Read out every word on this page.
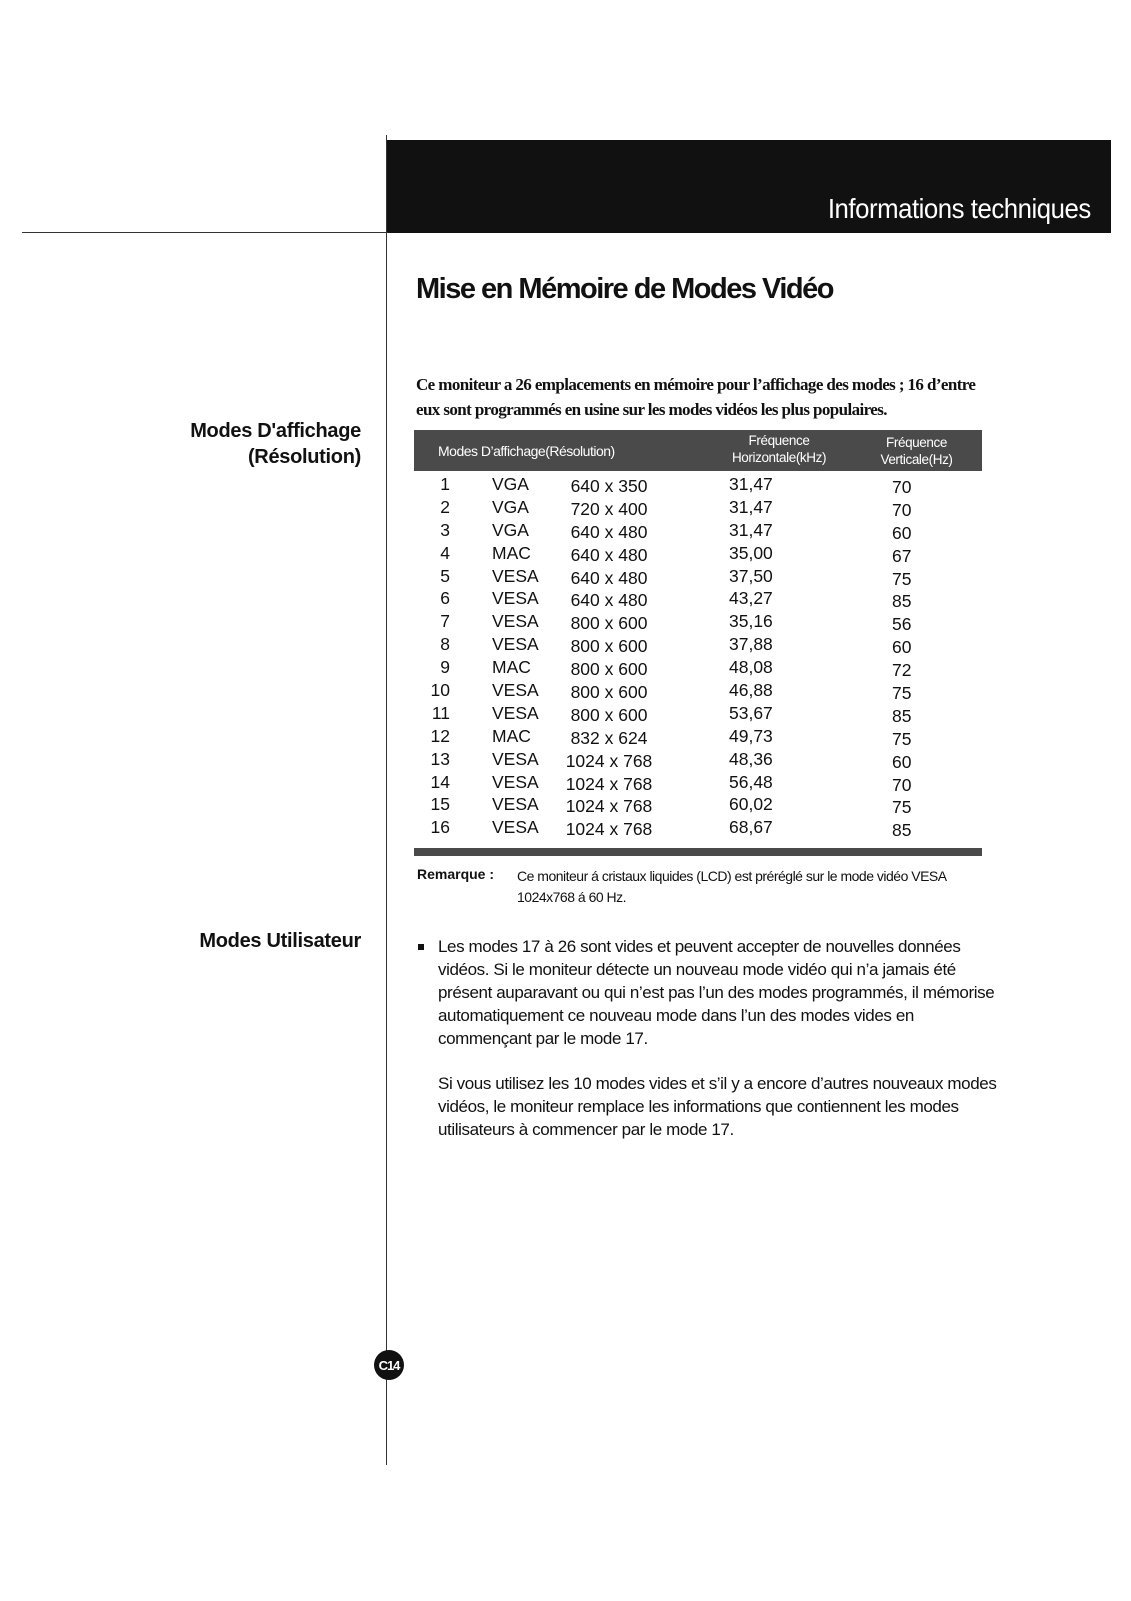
Informations techniques
Mise en Mémoire de Modes Vidéo
Ce moniteur a 26 emplacements en mémoire pour l’affichage des modes ; 16 d’entre eux sont programmés en usine sur les modes vidéos les plus populaires.
Modes D'affichage
(Résolution)
Modes Utilisateur
Modes D’affichage(Résolution)
Fréquence
Horizontale(kHz)
Fréquence
Verticale(Hz)
1 VGA	640 x 350	31,47	70
2 VGA	720 x 400	31,47	70
3 VGA	640 x 480	31,47	60
4 MAC	640 x 480	35,00	67
5 VESA	640 x 480	37,50	75
6 VESA	640 x 480	43,27	85
7 VESA	800 x 600	35,16	56
8 VESA	800 x 600	37,88	60
9 MAC	800 x 600	48,08	72
10 VESA	800 x 600	46,88	75
11 VESA	800 x 600	53,67	85
12 MAC	832 x 624	49,73	75
13 VESA	1024 x 768	48,36	60
14 VESA	1024 x 768	56,48	70
15 VESA	1024 x 768	60,02	75
16 VESA	1024 x 768	68,67	85
Remarque : Ce moniteur á cristaux liquides (LCD) est préréglé sur le mode vidéo VESA 1024x768 á 60 Hz.
Les modes 17 à 26 sont vides et peuvent accepter de nouvelles données vidéos. Si le moniteur détecte un nouveau mode vidéo qui n’a jamais été présent auparavant ou qui n’est pas l’un des modes programmés, il mémorise automatiquement ce nouveau mode dans l’un des modes vides en commençant par le mode 17.
Si vous utilisez les 10 modes vides et s’il y a encore d’autres nouveaux modes vidéos, le moniteur remplace les informations que contiennent les modes utilisateurs à commencer par le mode 17.
C14
